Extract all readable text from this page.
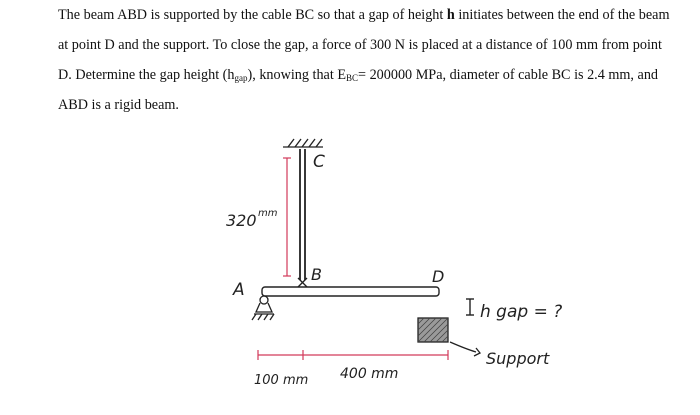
The beam ABD is supported by the cable BC so that a gap of height h initiates between the end of the beam
at point D and the support. To close the gap, a force of 300 N is placed at a distance of 100 mm from point
D. Determine the gap height $(h_{gap})$, knowing that $E_{BC}= 200000$ MPa, diameter of cable BC is 2.4 mm, and
ABD is a rigid beam.
C
A
B	D
320 mm
100 mm 400 mm
h gap = ?
Support
